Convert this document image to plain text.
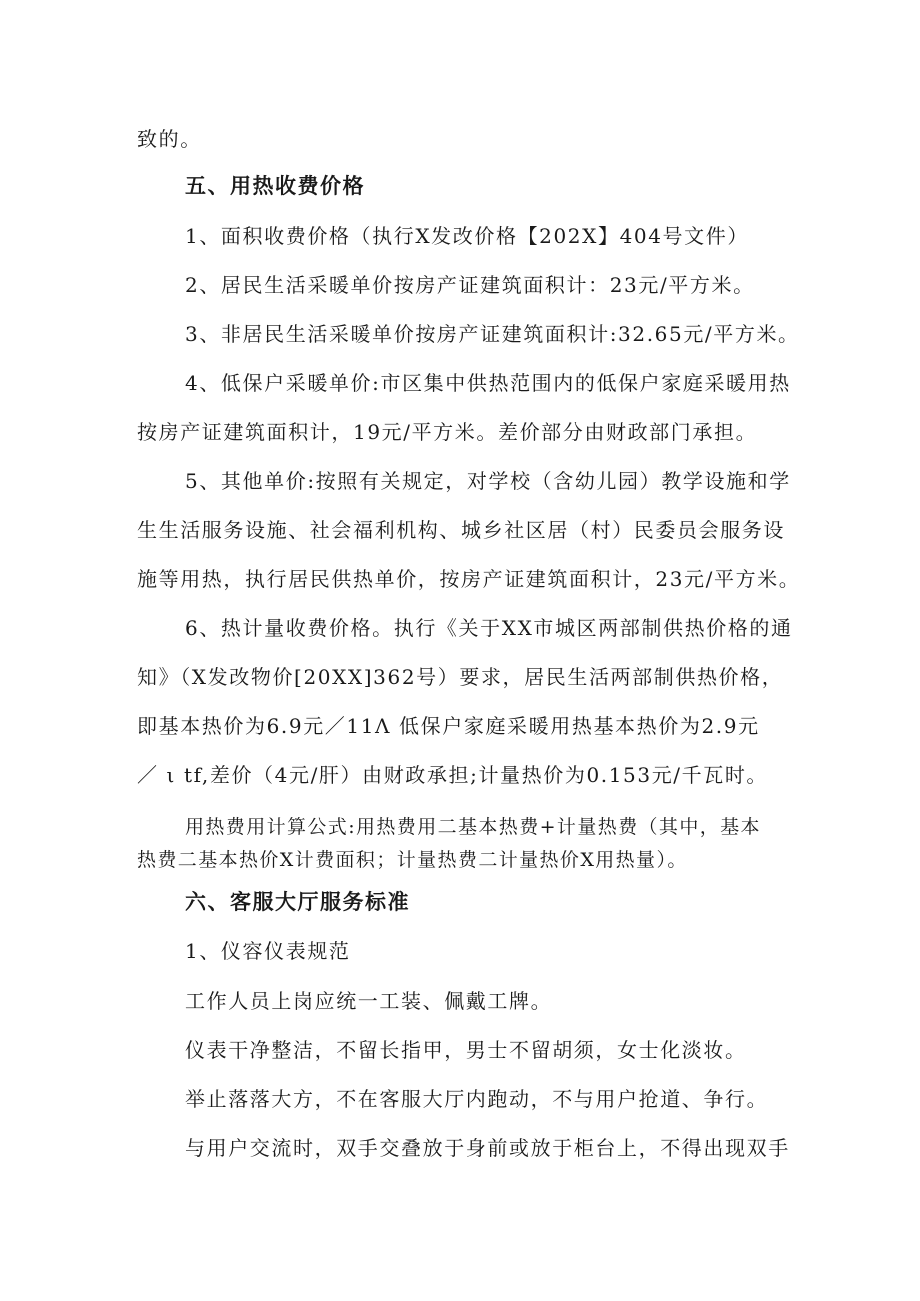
致的。
五、用热收费价格
1、面积收费价格（执行X发改价格【202X】404号文件）
2、居民生活采暖单价按房产证建筑面积计：23元/平方米。
3、非居民生活采暖单价按房产证建筑面积计:32.65元/平方米。
4、低保户采暖单价:市区集中供热范围内的低保户家庭采暖用热
按房产证建筑面积计，19元/平方米。差价部分由财政部门承担。
5、其他单价:按照有关规定，对学校（含幼儿园）教学设施和学
生生活服务设施、社会福利机构、城乡社区居（村）民委员会服务设
施等用热，执行居民供热单价，按房产证建筑面积计，23元/平方米。
6、热计量收费价格。执行《关于XX市城区两部制供热价格的通
知》（X发改物价[20XX]362号）要求，居民生活两部制供热价格，
即基本热价为6.9元／11Λ 低保户家庭采暖用热基本热价为2.9元
／ ι tf,差价（4元/肝）由财政承担;计量热价为0.153元/千瓦时。
用热费用计算公式:用热费用二基本热费+计量热费（其中，基本
热费二基本热价X计费面积；计量热费二计量热价X用热量）。
六、客服大厅服务标准
1、仪容仪表规范
工作人员上岗应统一工装、佩戴工牌。
仪表干净整洁，不留长指甲，男士不留胡须，女士化淡妆。
举止落落大方，不在客服大厅内跑动，不与用户抢道、争行。
与用户交流时，双手交叠放于身前或放于柜台上，不得出现双手
